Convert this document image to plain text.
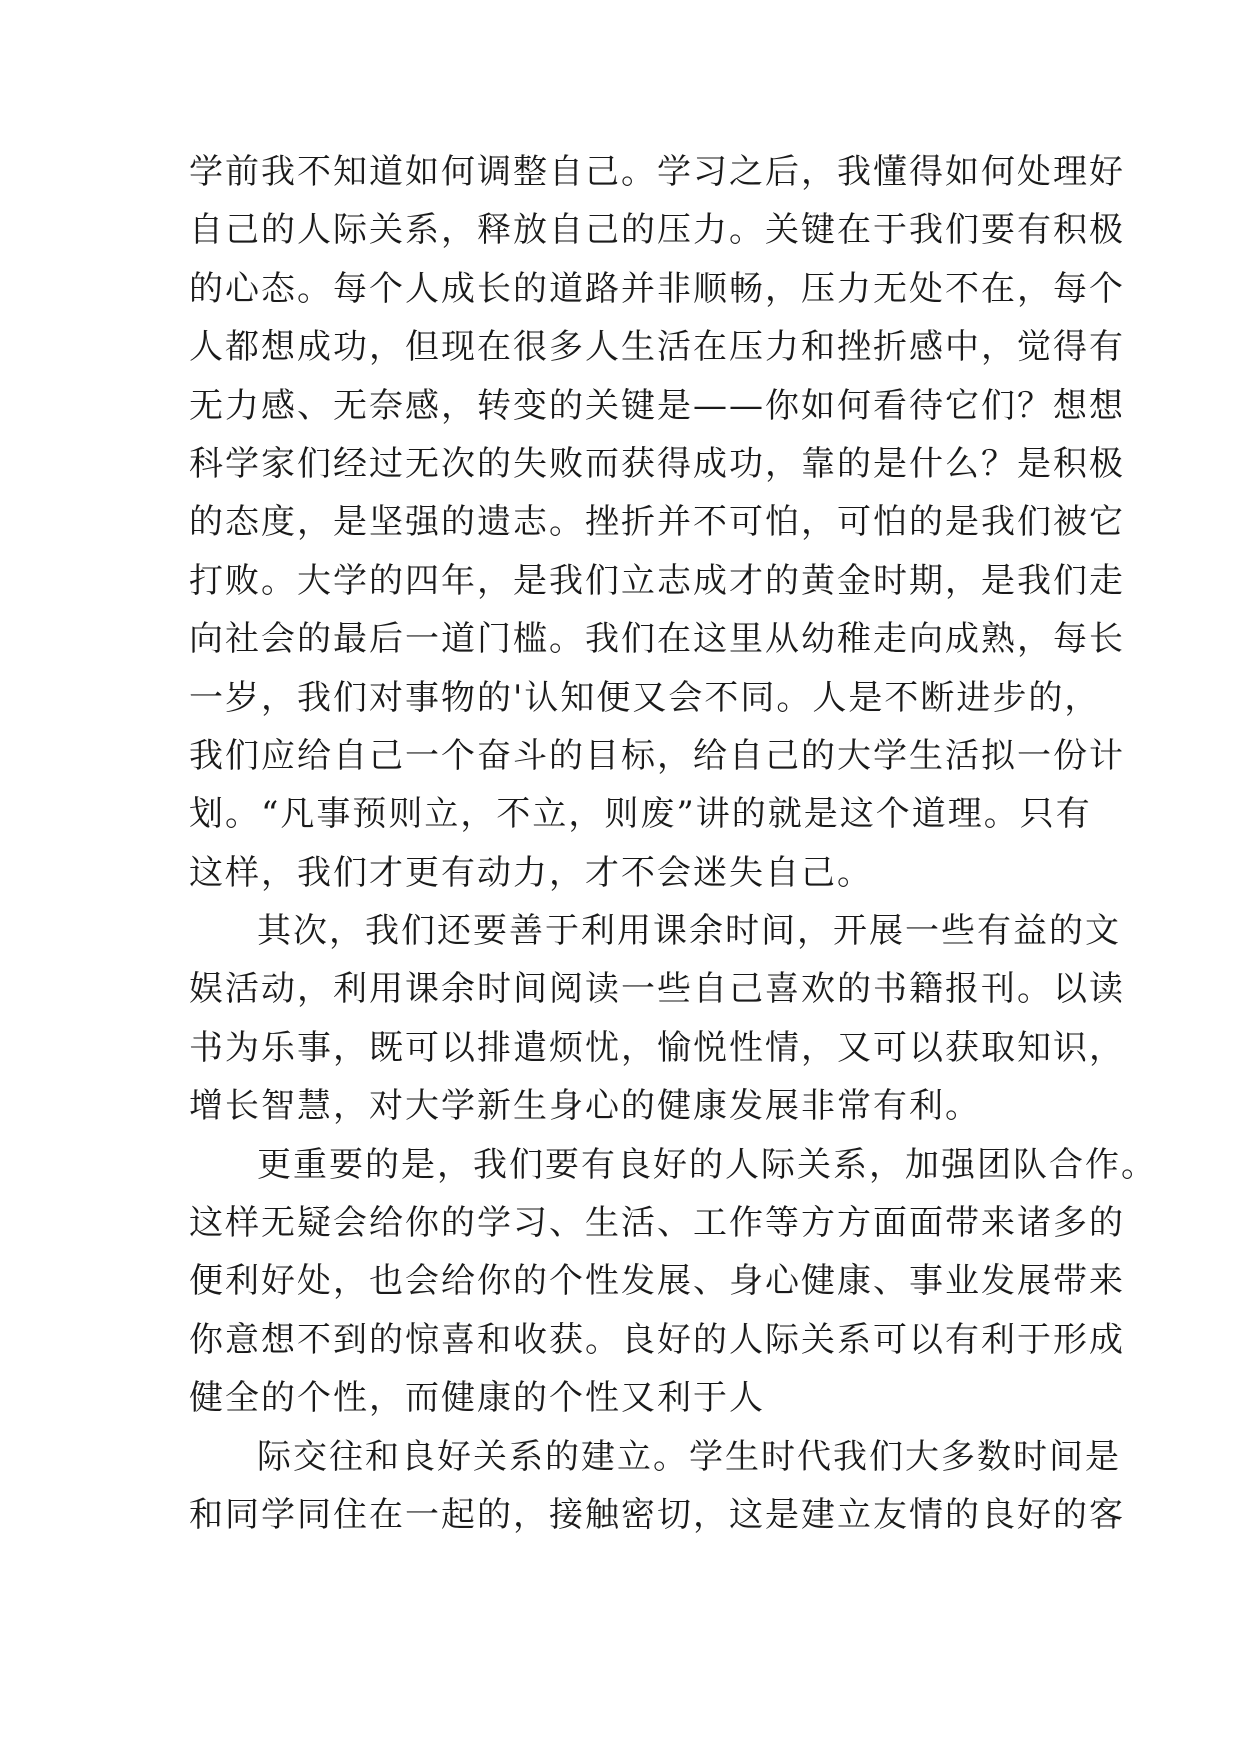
学前我不知道如何调整自己。学习之后，我懂得如何处理好
自己的人际关系，释放自己的压力。关键在于我们要有积极
的心态。每个人成长的道路并非顺畅，压力无处不在，每个
人都想成功，但现在很多人生活在压力和挫折感中，觉得有
无力感、无奈感，转变的关键是——你如何看待它们？想想
科学家们经过无次的失败而获得成功，靠的是什么？是积极
的态度，是坚强的遗志。挫折并不可怕，可怕的是我们被它
打败。大学的四年，是我们立志成才的黄金时期，是我们走
向社会的最后一道门槛。我们在这里从幼稚走向成熟，每长
一岁，我们对事物的'认知便又会不同。人是不断进步的，
我们应给自己一个奋斗的目标，给自己的大学生活拟一份计
划。“凡事预则立，不立，则废”讲的就是这个道理。只有
这样，我们才更有动力，才不会迷失自己。
其次，我们还要善于利用课余时间，开展一些有益的文
娱活动，利用课余时间阅读一些自己喜欢的书籍报刊。以读
书为乐事，既可以排遣烦忧，愉悦性情，又可以获取知识，
增长智慧，对大学新生身心的健康发展非常有利。
更重要的是，我们要有良好的人际关系，加强团队合作。
这样无疑会给你的学习、生活、工作等方方面面带来诸多的
便利好处，也会给你的个性发展、身心健康、事业发展带来
你意想不到的惊喜和收获。良好的人际关系可以有利于形成
健全的个性，而健康的个性又利于人
际交往和良好关系的建立。学生时代我们大多数时间是
和同学同住在一起的，接触密切，这是建立友情的良好的客
